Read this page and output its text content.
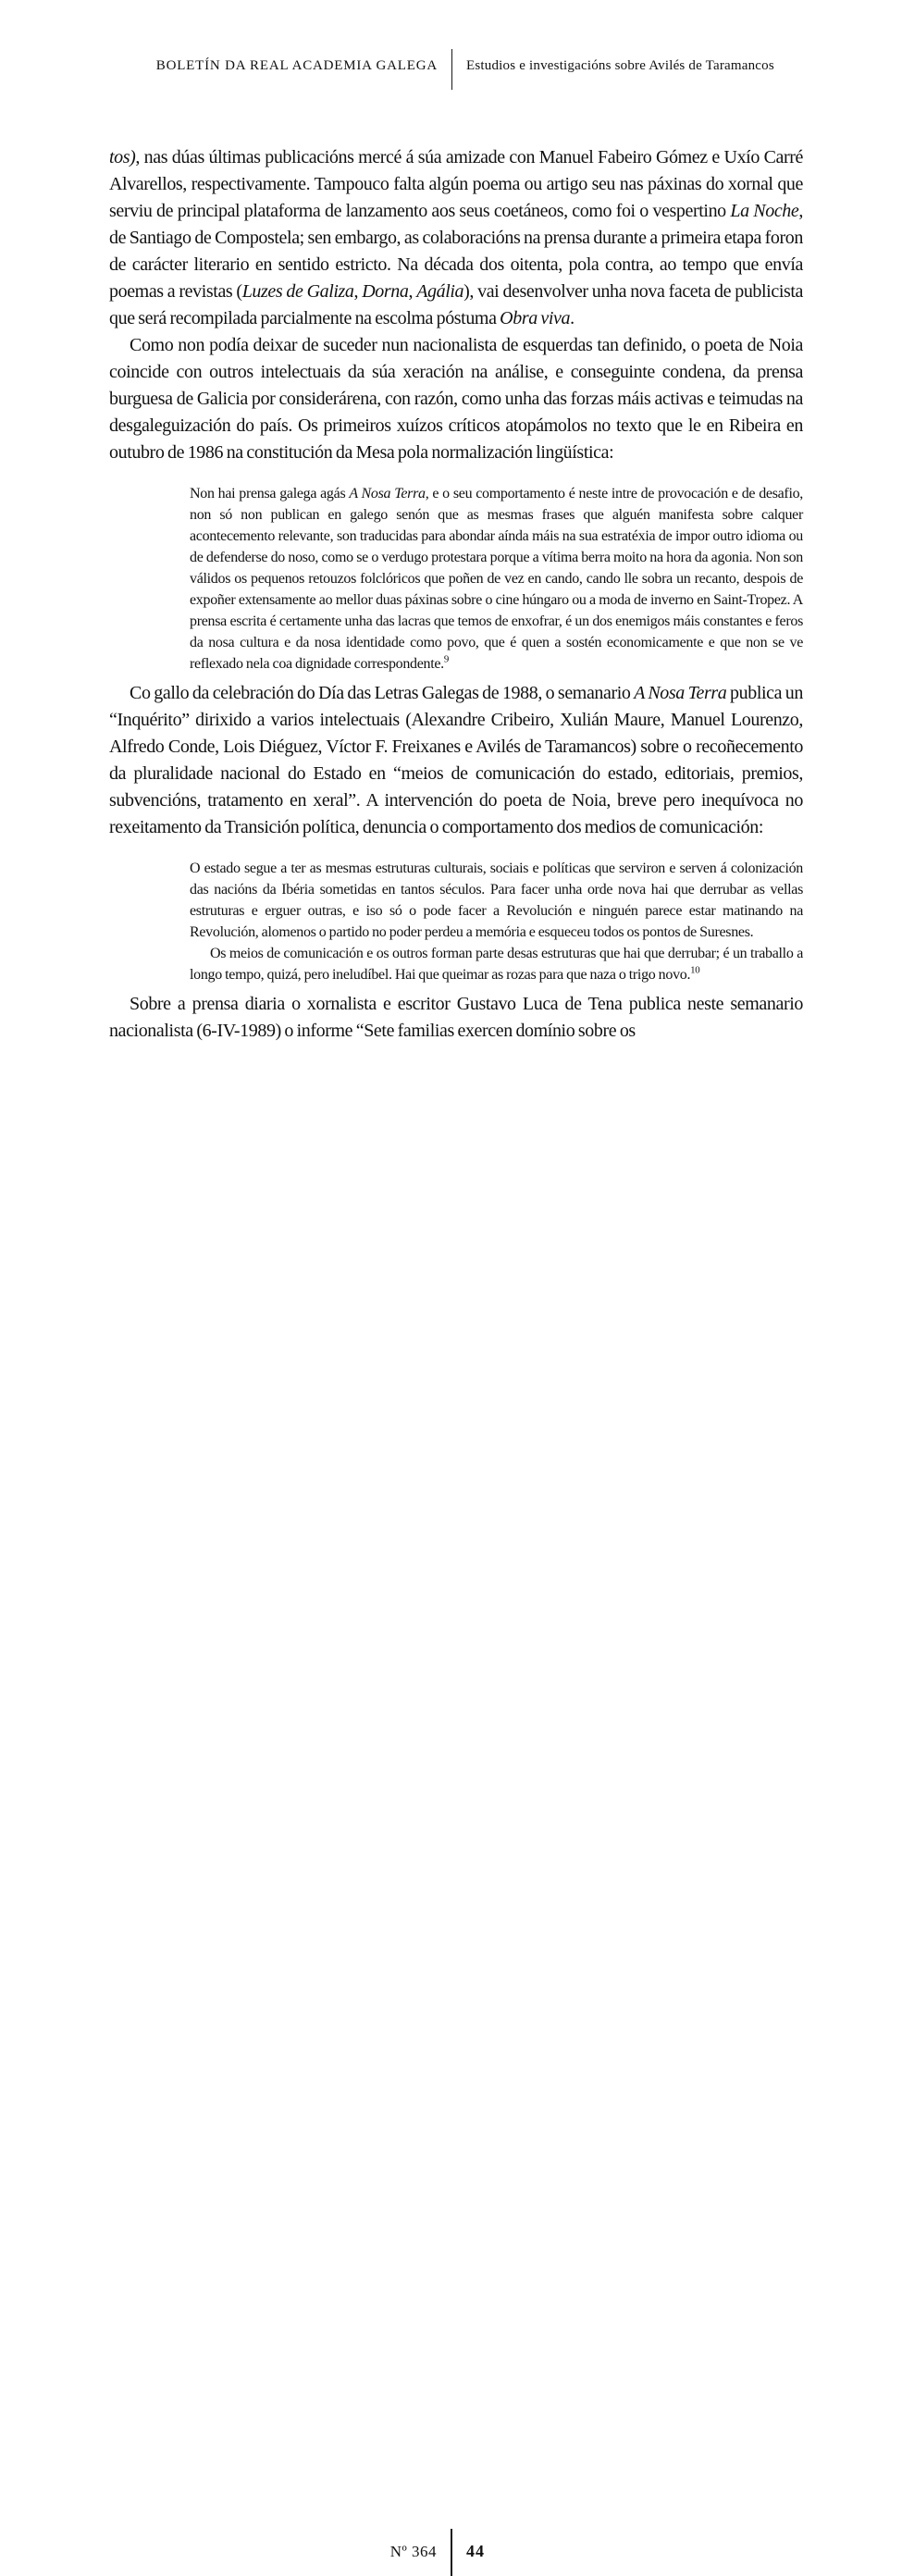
BOLETÍN DA REAL ACADEMIA GALEGA Estudios e investigacións sobre Avilés de Taramancos

tos), nas dúas últimas publicacións mercé á súa amizade con Manuel Fabeiro Gómez e Uxío Carré Alvarellos, respectivamente. Tampouco falta algún poema ou artigo seu nas páxinas do xornal que serviu de principal plataforma de lanzamento aos seus coetáneos, como foi o vespertino La Noche, de Santiago de Compostela; sen embargo, as colaboracións na prensa durante a primeira etapa foron de carácter literario en sentido estricto. Na década dos oitenta, pola contra, ao tempo que envía poemas a revistas (Luzes de Galiza, Dorna, Agália), vai desenvolver unha nova faceta de publicista que será recompilada parcialmente na escolma póstuma Obra viva.

Como non podía deixar de suceder nun nacionalista de esquerdas tan definido, o poeta de Noia coincide con outros intelectuais da súa xeración na análise, e conseguinte condena, da prensa burguesa de Galicia por considerárena, con razón, como unha das forzas máis activas e teimudas na desgaleguización do país. Os primeiros xuízos críticos atopámolos no texto que le en Ribeira en outubro de 1986 na constitución da Mesa pola normalización lingüística:

Non hai prensa galega agás A Nosa Terra, e o seu comportamento é neste intre de provocación e de desafio, non só non publican en galego senón que as mesmas frases que alguén manifesta sobre calquer acontecemento relevante, son traducidas para abondar aínda máis na sua estratéxia de impor outro idioma ou de defenderse do noso, como se o verdugo protestara porque a vítima berra moito na hora da agonia. Non son válidos os pequenos retouzos folclóricos que poñen de vez en cando, cando lle sobra un recanto, despois de expoñer extensamente ao mellor duas páxinas sobre o cine húngaro ou a moda de inverno en Saint-Tropez. A prensa escrita é certamente unha das lacras que temos de enxofrar, é un dos enemigos máis constantes e feros da nosa cultura e da nosa identidade como povo, que é quen a sostén economicamente e que non se ve reflexado nela coa dignidade correspondente.$^9$

Co gallo da celebración do Día das Letras Galegas de 1988, o semanario A Nosa Terra publica un “Inquérito” dirixido a varios intelectuais (Alexandre Cribeiro, Xulián Maure, Manuel Lourenzo, Alfredo Conde, Lois Diéguez, Víctor F. Freixanes e Avilés de Taramancos) sobre o recoñecemento da pluralidade nacional do Estado en “meios de comunicación do estado, editoriais, premios, subvencións, tratamento en xeral”. A intervención do poeta de Noia, breve pero inequívoca no rexeitamento da Transición política, denuncia o comportamento dos medios de comunicación:

O estado segue a ter as mesmas estruturas culturais, sociais e políticas que serviron e serven á colonización das nacións da Ibéria sometidas en tantos séculos. Para facer unha orde nova hai que derrubar as vellas estruturas e erguer outras, e iso só o pode facer a Revolución e ninguén parece estar matinando na Revolución, alomenos o partido no poder perdeu a memória e esqueceu todos os pontos de Suresnes.

Os meios de comunicación e os outros forman parte desas estruturas que hai que derrubar; é un traballo a longo tempo, quizá, pero ineludíbel. Hai que queimar as rozas para que naza o trigo novo.$^{10}$

Sobre a prensa diaria o xornalista e escritor Gustavo Luca de Tena publica neste semanario nacionalista (6-IV-1989) o informe “Sete familias exercen domínio sobre os

Nº 364 44
